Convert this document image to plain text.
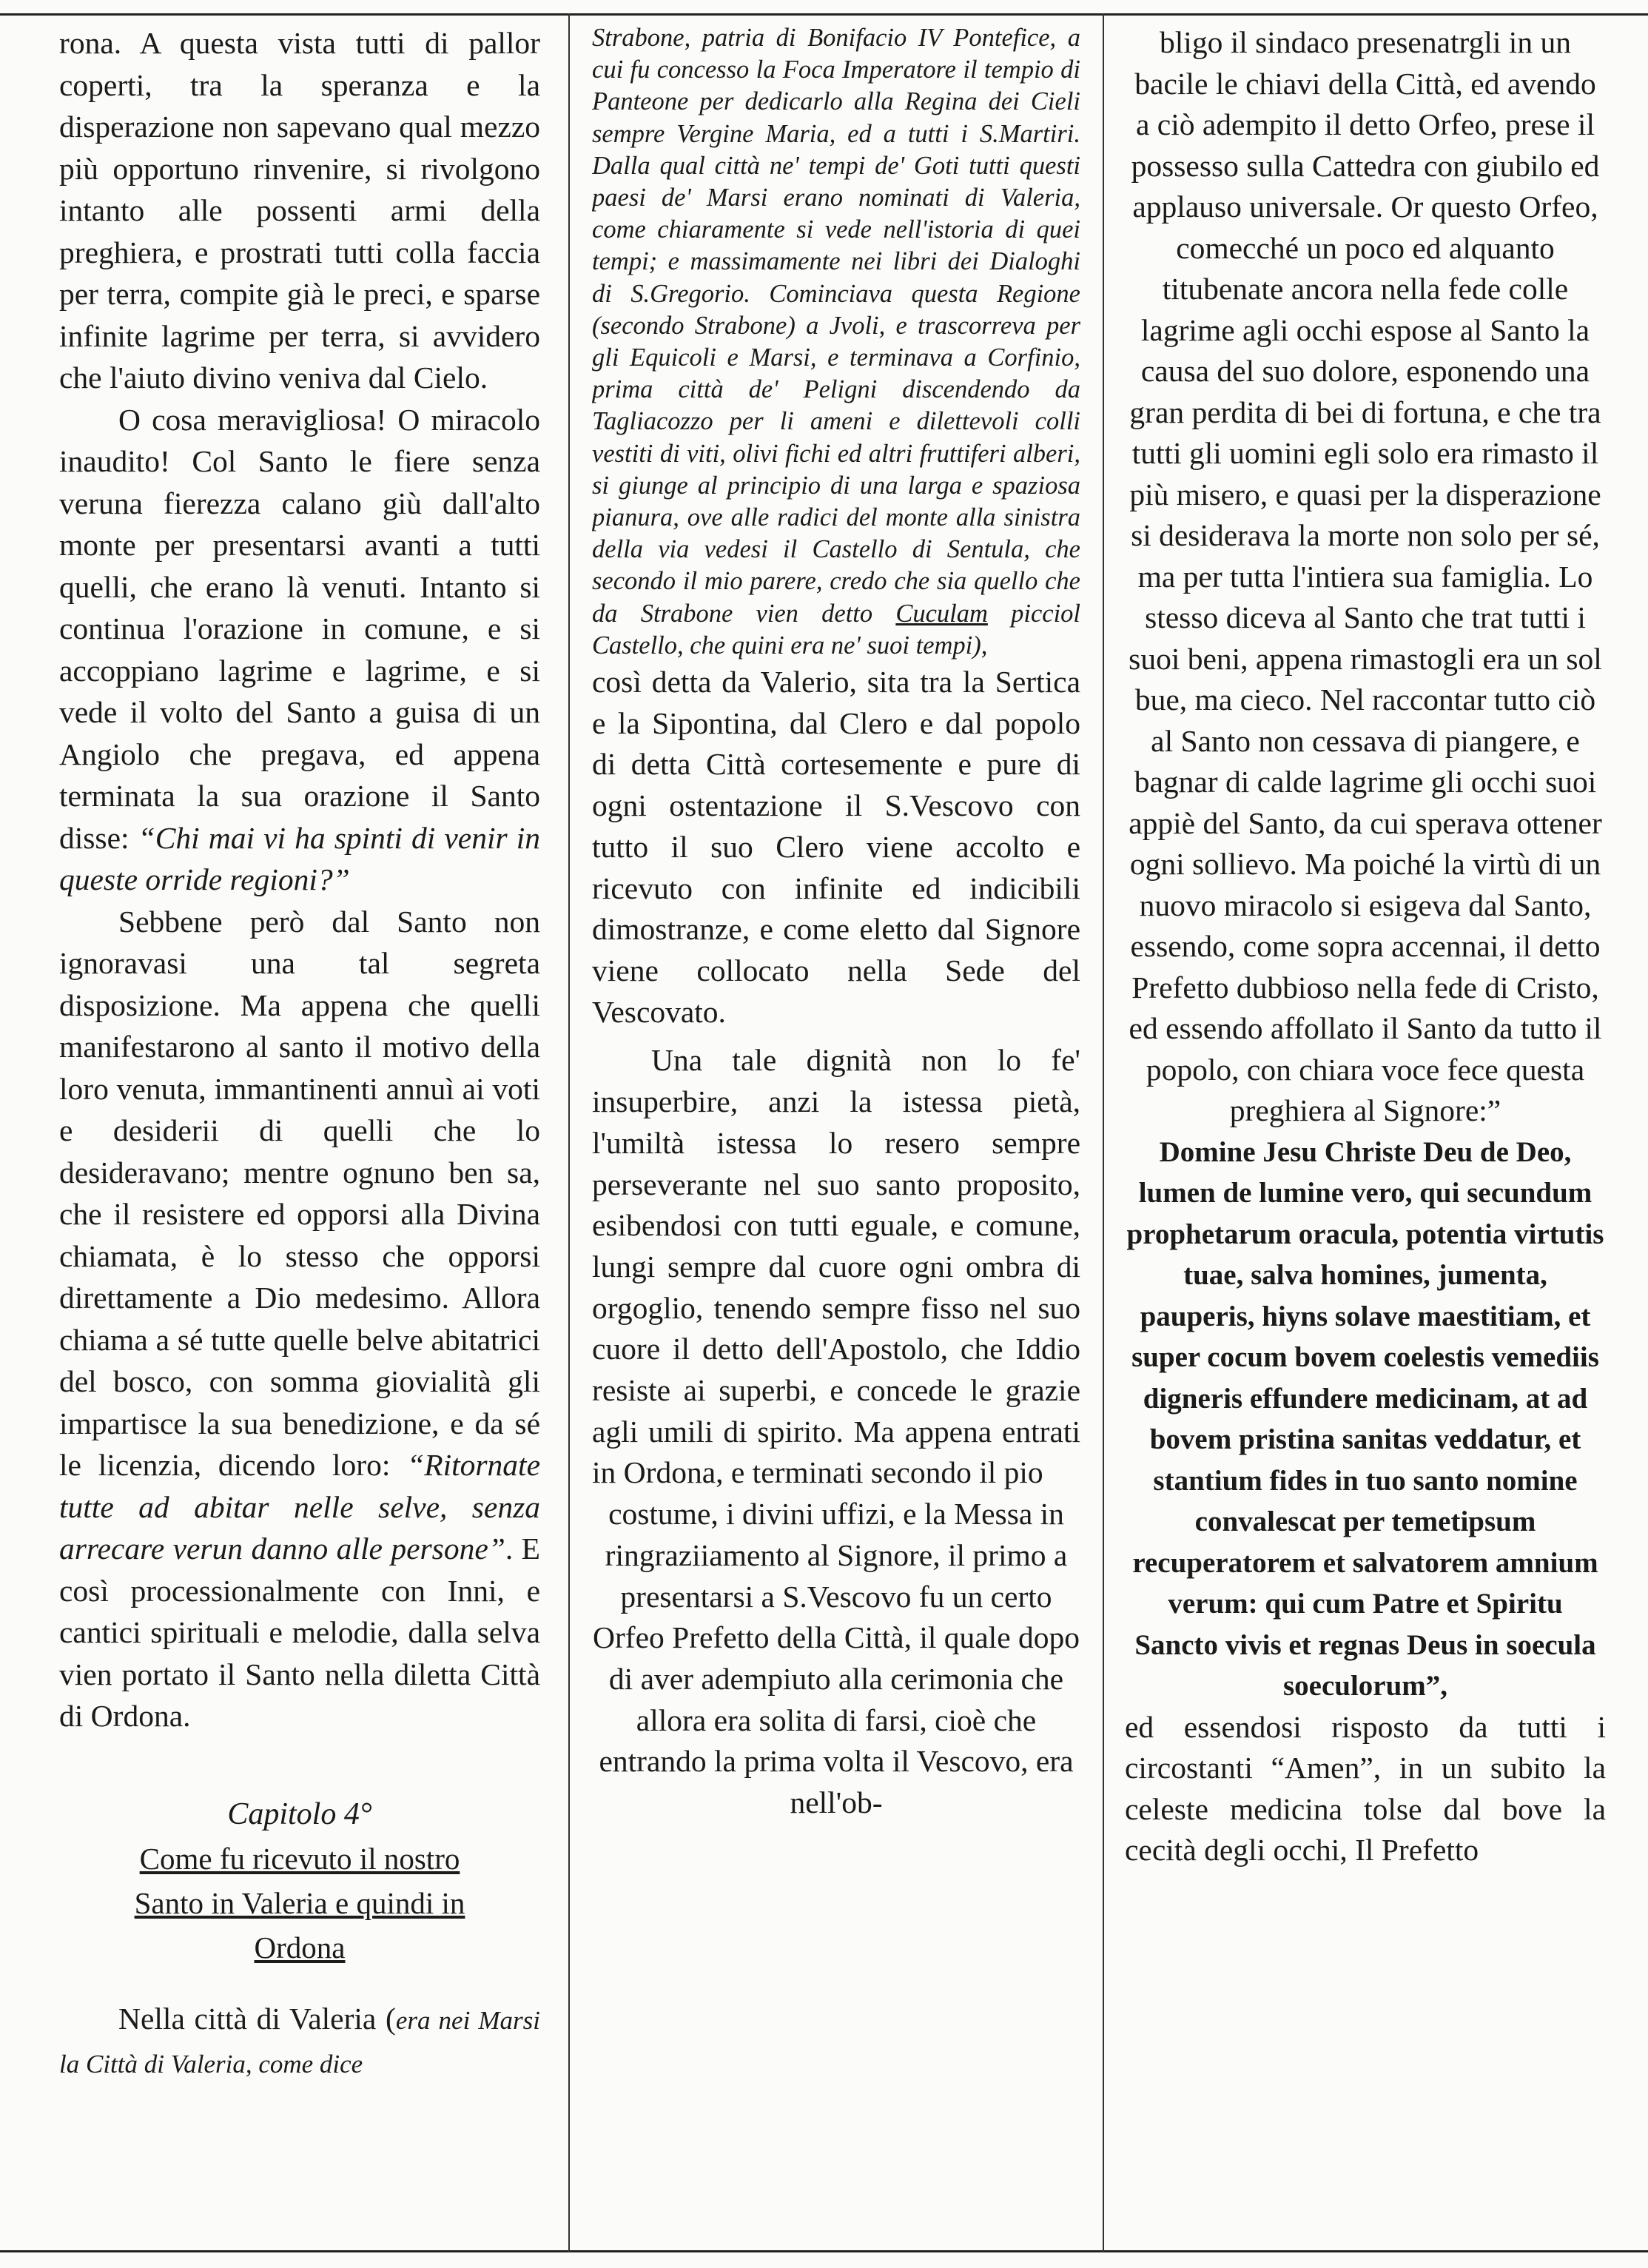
rona. A questa vista tutti di pallor coperti, tra la speranza e la disperazione non sapevano qual mezzo più opportuno rinvenire, si rivolgono intanto alle possenti armi della preghiera, e prostrati tutti colla faccia per terra, compite già le preci, e sparse infinite lagrime per terra, si avvidero che l'aiuto divino veniva dal Cielo.

O cosa meravigliosa! O miracolo inaudito! Col Santo le fiere senza veruna fierezza calano giù dall'alto monte per presentarsi avanti a tutti quelli, che erano là venuti. Intanto si continua l'orazione in comune, e si accoppiano lagrime e lagrime, e si vede il volto del Santo a guisa di un Angiolo che pregava, ed appena terminata la sua orazione il Santo disse: “Chi mai vi ha spinti di venir in queste orride regioni?”

Sebbene però dal Santo non ignoravasi una tal segreta disposizione. Ma appena che quelli manifestarono al santo il motivo della loro venuta, immantinenti annuì ai voti e desiderii di quelli che lo desideravano; mentre ognuno ben sa, che il resistere ed opporsi alla Divina chiamata, è lo stesso che opporsi direttamente a Dio medesimo. Allora chiama a sé tutte quelle belve abitatrici del bosco, con somma giovialità gli impartisce la sua benedizione, e da sé le licenzia, dicendo loro: “Ritornate tutte ad abitar nelle selve, senza arrecare verun danno alle persone”. E così processionalmente con Inni, e cantici spirituali e melodie, dalla selva vien portato il Santo nella diletta Città di Ordona.

Capitolo 4°

Come fu ricevuto il nostro

Santo in Valeria e quindi in

Ordona

Nella città di Valeria (era nei Marsi la Città di Valeria, come dice

Strabone, patria di Bonifacio IV Pontefice, a cui fu concesso la Foca Imperatore il tempio di Panteone per dedicarlo alla Regina dei Cieli sempre Vergine Maria, ed a tutti i S.Martiri. Dalla qual città ne' tempi de' Goti tutti questi paesi de' Marsi erano nominati di Valeria, come chiaramente si vede nell'istoria di quei tempi; e massimamente nei libri dei Dialoghi di S.Gregorio. Cominciava questa Regione (secondo Strabone) a Jvoli, e trascorreva per gli Equicoli e Marsi, e terminava a Corfinio, prima città de' Peligni discendendo da Tagliacozzo per li ameni e dilettevoli colli vestiti di viti, olivi fichi ed altri fruttiferi alberi, si giunge al principio di una larga e spaziosa pianura, ove alle radici del monte alla sinistra della via vedesi il Castello di Sentula, che secondo il mio parere, credo che sia quello che da Strabone vien detto Cuculam picciol Castello, che quini era ne' suoi tempi),

così detta da Valerio, sita tra la Sertica e la Sipontina, dal Clero e dal popolo di detta Città cortesemente e pure di ogni ostentazione il S.Vescovo con tutto il suo Clero viene accolto e ricevuto con infinite ed indicibili dimostranze, e come eletto dal Signore viene collocato nella Sede del Vescovato.

Una tale dignità non lo fe' insuperbire, anzi la istessa pietà, l'umiltà istessa lo resero sempre perseverante nel suo santo proposito, esibendosi con tutti eguale, e comune, lungi sempre dal cuore ogni ombra di orgoglio, tenendo sempre fisso nel suo cuore il detto dell'Apostolo, che Iddio resiste ai superbi, e concede le grazie agli umili di spirito. Ma appena entrati in Ordona, e terminati secondo il pio

costume, i divini uffizi, e la Messa in ringraziiamento al Signore, il primo a presentarsi a S.Vescovo fu un certo Orfeo Prefetto della Città, il quale dopo di aver adempiuto alla cerimonia che allora era solita di farsi, cioè che entrando la prima volta il Vescovo, era nell'ob-

bligo il sindaco presenatrgli in un bacile le chiavi della Città, ed avendo a ciò adempito il detto Orfeo, prese il possesso sulla Cattedra con giubilo ed applauso universale. Or questo Orfeo, comecché un poco ed alquanto titubenate ancora nella fede colle lagrime agli occhi espose al Santo la causa del suo dolore, esponendo una gran perdita di bei di fortuna, e che tra tutti gli uomini egli solo era rimasto il più misero, e quasi per la disperazione si desiderava la morte non solo per sé, ma per tutta l'intiera sua famiglia. Lo stesso diceva al Santo che trat tutti i suoi beni, appena rimastogli era un sol bue, ma cieco. Nel raccontar tutto ciò al Santo non cessava di piangere, e bagnar di calde lagrime gli occhi suoi appiè del Santo, da cui sperava ottener ogni sollievo. Ma poiché la virtù di un nuovo miracolo si esigeva dal Santo, essendo, come sopra accennai, il detto Prefetto dubbioso nella fede di Cristo, ed essendo affollato il Santo da tutto il popolo, con chiara voce fece questa preghiera al Signore:”

Domine Jesu Christe Deu de Deo, lumen de lumine vero, qui secundum prophetarum oracula, potentia virtutis tuae, salva homines, jumenta, pauperis, hiyns solave maestitiam, et super cocum bovem coelestis vemediis digneris effundere medicinam, at ad bovem pristina sanitas veddatur, et stantium fides in tuo santo nomine convalescat per temetipsum recuperatorem et salvatorem amnium verum: qui cum Patre et Spiritu Sancto vivis et regnas Deus in soecula soeculorum”,

ed essendosi risposto da tutti i circostanti “Amen”, in un subito la celeste medicina tolse dal bove la cecità degli occhi, Il Prefetto
